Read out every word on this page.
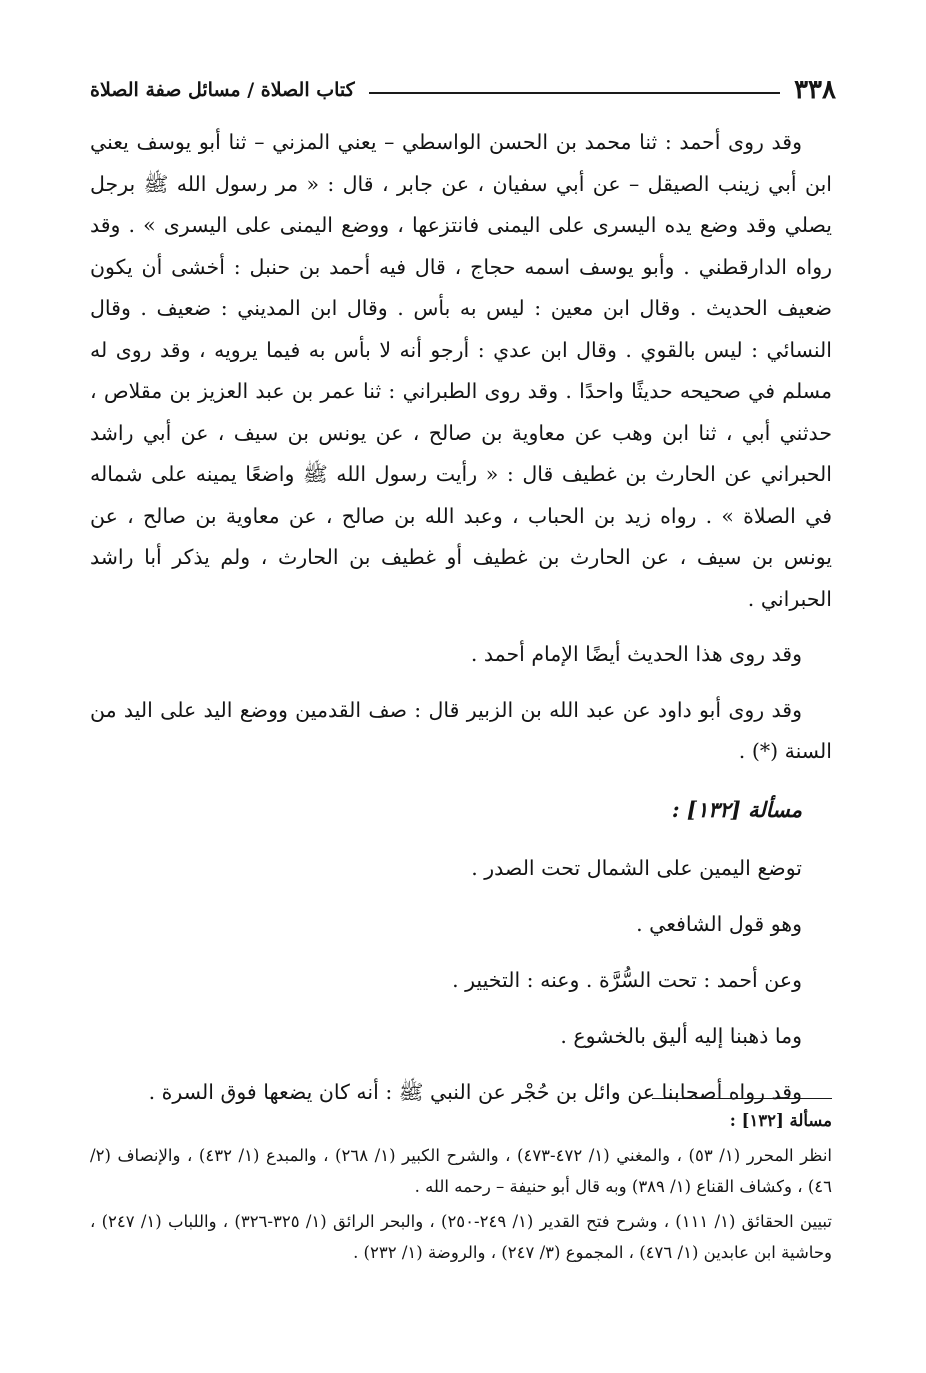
٣٣٨
كتاب الصلاة / مسائل صفة الصلاة

وقد روى أحمد : ثنا محمد بن الحسن الواسطي – يعني المزني – ثنا أبو يوسف يعني ابن أبي زينب الصيقل – عن أبي سفيان ، عن جابر ، قال : « مر رسول الله ﷺ برجل يصلي وقد وضع يده اليسرى على اليمنى فانتزعها ، ووضع اليمنى على اليسرى » . وقد رواه الدارقطني . وأبو يوسف اسمه حجاج ، قال فيه أحمد بن حنبل : أخشى أن يكون ضعيف الحديث . وقال ابن معين : ليس به بأس . وقال ابن المديني : ضعيف . وقال النسائي : ليس بالقوي . وقال ابن عدي : أرجو أنه لا بأس به فيما يرويه ، وقد روى له مسلم في صحيحه حديثًا واحدًا . وقد روى الطبراني : ثنا عمر بن عبد العزيز بن مقلاص ، حدثني أبي ، ثنا ابن وهب عن معاوية بن صالح ، عن يونس بن سيف ، عن أبي راشد الحبراني عن الحارث بن غطيف قال : « رأيت رسول الله ﷺ واضعًا يمينه على شماله في الصلاة » . رواه زيد بن الحباب ، وعبد الله بن صالح ، عن معاوية بن صالح ، عن يونس بن سيف ، عن الحارث بن غطيف أو غطيف بن الحارث ، ولم يذكر أبا راشد الحبراني .

وقد روى هذا الحديث أيضًا الإمام أحمد .

وقد روى أبو داود عن عبد الله بن الزبير قال : صف القدمين ووضع اليد على اليد من السنة (*) .

مسألة [١٣٢] :

توضع اليمين على الشمال تحت الصدر .

وهو قول الشافعي .

وعن أحمد : تحت السُّرَّة . وعنه : التخيير .

وما ذهبنا إليه أليق بالخشوع .

وقد رواه أصحابنا عن وائل بن حُجْر عن النبي ﷺ : أنه كان يضعها فوق السرة .

مسألة [١٣٢] :

انظر المحرر (١/ ٥٣) ، والمغني (١/ ٤٧٢-٤٧٣) ، والشرح الكبير (١/ ٢٦٨) ، والمبدع (١/ ٤٣٢) ، والإنصاف (٢/ ٤٦) ، وكشاف القناع (١/ ٣٨٩) وبه قال أبو حنيفة – رحمه الله .

تبيين الحقائق (١/ ١١١) ، وشرح فتح القدير (١/ ٢٤٩-٢٥٠) ، والبحر الرائق (١/ ٣٢٥-٣٢٦) ، واللباب (١/ ٢٤٧) ، وحاشية ابن عابدين (١/ ٤٧٦) ، المجموع (٣/ ٢٤٧) ، والروضة (١/ ٢٣٢) .
